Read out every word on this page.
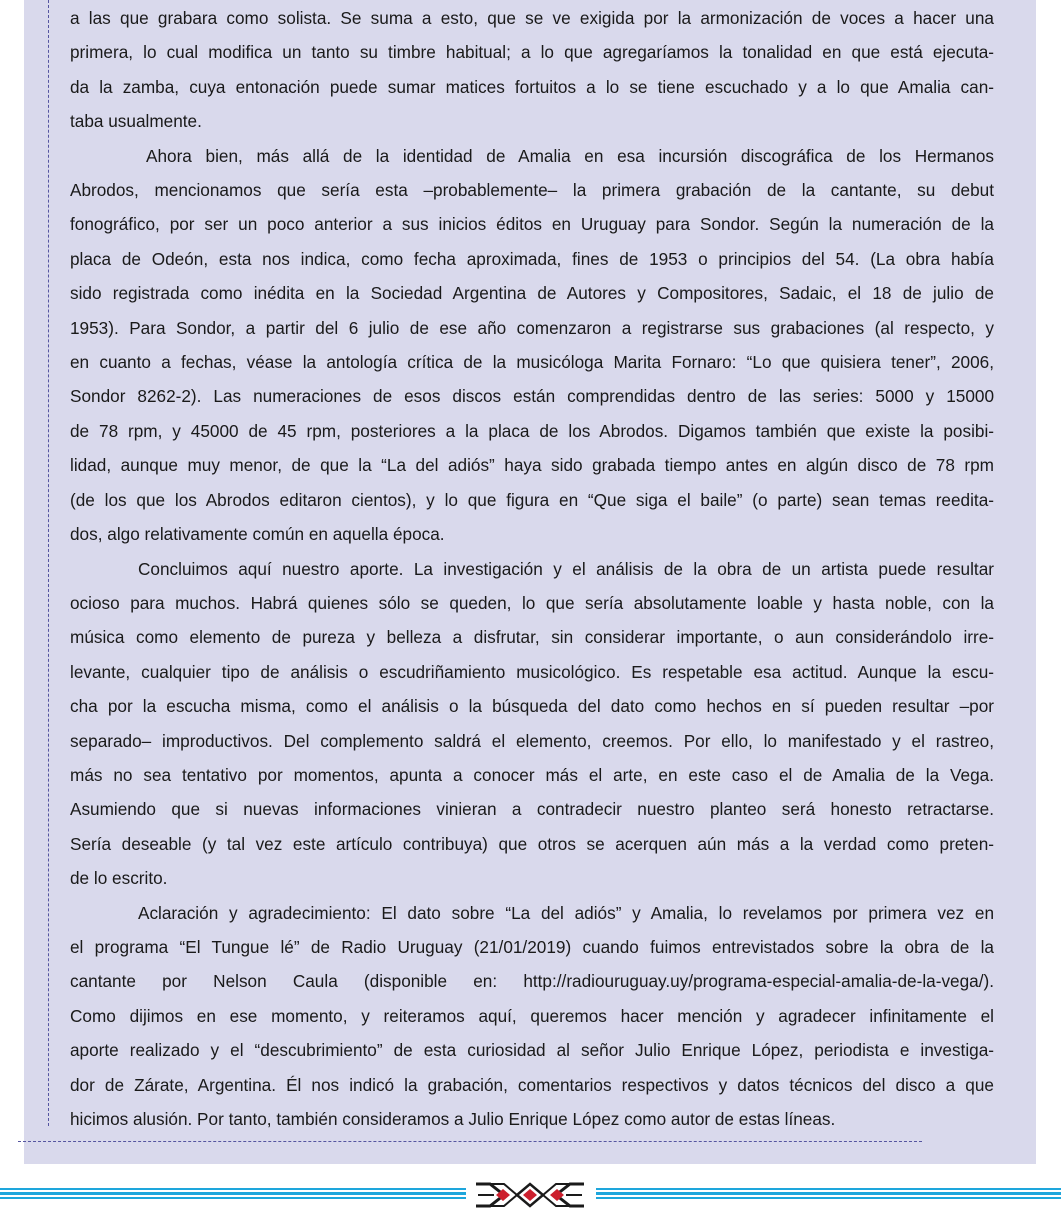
a las que grabara como solista. Se suma a esto, que se ve exigida por la armonización de voces a hacer una
primera, lo cual modifica un tanto su timbre habitual; a lo que agregaríamos la tonalidad en que está ejecuta-
da la zamba, cuya entonación puede sumar matices fortuitos a lo se tiene escuchado y a lo que Amalia can-
taba usualmente.

Ahora bien, más allá de la identidad de Amalia en esa incursión discográfica de los Hermanos
Abrodos, mencionamos que sería esta –probablemente– la primera grabación de la cantante, su debut
fonográfico, por ser un poco anterior a sus inicios éditos en Uruguay para Sondor. Según la numeración de la
placa de Odeón, esta nos indica, como fecha aproximada, fines de 1953 o principios del 54. (La obra había
sido registrada como inédita en la Sociedad Argentina de Autores y Compositores, Sadaic, el 18 de julio de
1953). Para Sondor, a partir del 6 julio de ese año comenzaron a registrarse sus grabaciones (al respecto, y
en cuanto a fechas, véase la antología crítica de la musicóloga Marita Fornaro: “Lo que quisiera tener”, 2006,
Sondor 8262-2). Las numeraciones de esos discos están comprendidas dentro de las series: 5000 y 15000
de 78 rpm, y 45000 de 45 rpm, posteriores a la placa de los Abrodos. Digamos también que existe la posibi-
lidad, aunque muy menor, de que la “La del adiós” haya sido grabada tiempo antes en algún disco de 78 rpm
(de los que los Abrodos editaron cientos), y lo que figura en “Que siga el baile” (o parte) sean temas reedita-
dos, algo relativamente común en aquella época.

Concluimos aquí nuestro aporte. La investigación y el análisis de la obra de un artista puede resultar
ocioso para muchos. Habrá quienes sólo se queden, lo que sería absolutamente loable y hasta noble, con la
música como elemento de pureza y belleza a disfrutar, sin considerar importante, o aun considerándolo irre-
levante, cualquier tipo de análisis o escudriñamiento musicológico. Es respetable esa actitud. Aunque la escu-
cha por la escucha misma, como el análisis o la búsqueda del dato como hechos en sí pueden resultar –por
separado– improductivos. Del complemento saldrá el elemento, creemos. Por ello, lo manifestado y el rastreo,
más no sea tentativo por momentos, apunta a conocer más el arte, en este caso el de Amalia de la Vega.
Asumiendo que si nuevas informaciones vinieran a contradecir nuestro planteo será honesto retractarse.
Sería deseable (y tal vez este artículo contribuya) que otros se acerquen aún más a la verdad como preten-
de lo escrito.

Aclaración y agradecimiento: El dato sobre “La del adiós” y Amalia, lo revelamos por primera vez en
el programa “El Tungue lé” de Radio Uruguay (21/01/2019) cuando fuimos entrevistados sobre la obra de la
cantante por Nelson Caula (disponible en: http://radiouruguay.uy/programa-especial-amalia-de-la-vega/).
Como dijimos en ese momento, y reiteramos aquí, queremos hacer mención y agradecer infinitamente el
aporte realizado y el “descubrimiento” de esta curiosidad al señor Julio Enrique López, periodista e investiga-
dor de Zárate, Argentina. Él nos indicó la grabación, comentarios respectivos y datos técnicos del disco a que
hicimos alusión. Por tanto, también consideramos a Julio Enrique López como autor de estas líneas.
